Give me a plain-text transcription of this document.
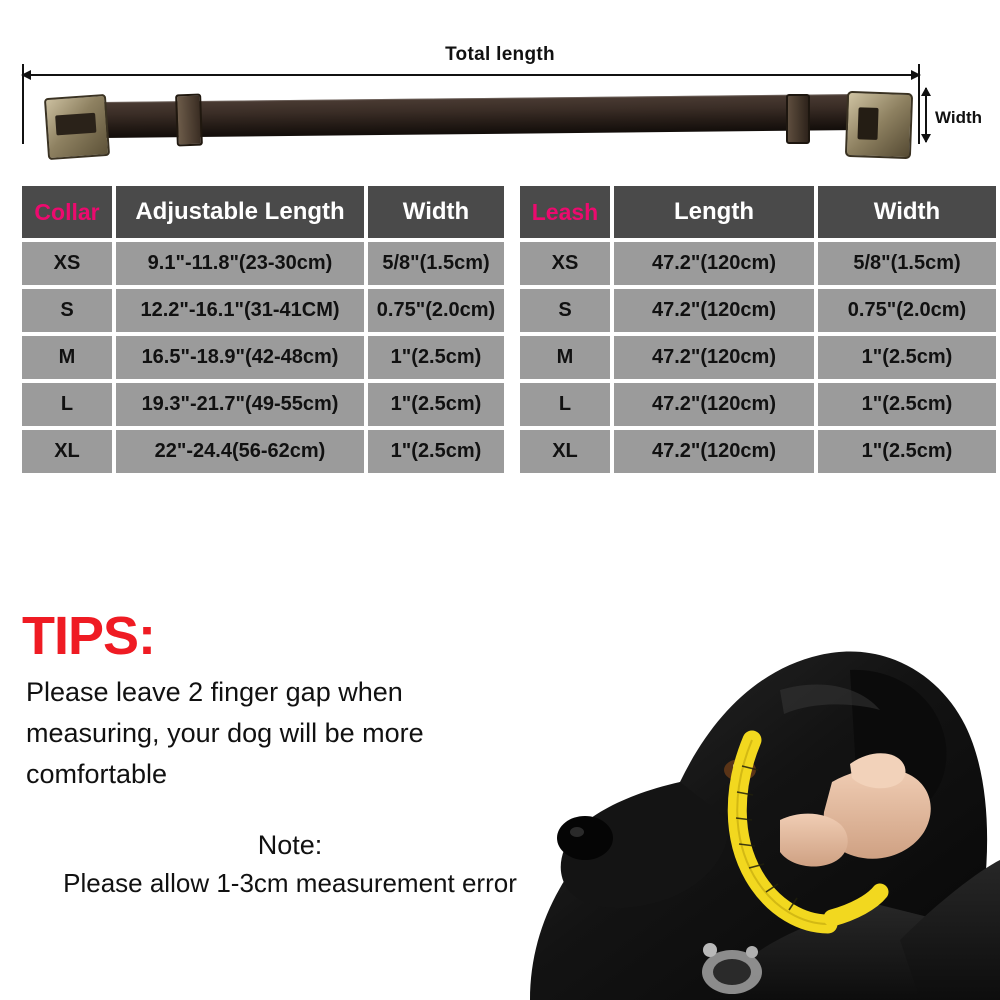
Total length
Width
Collar	Adjustable Length	Width
XS	9.1"-11.8"(23-30cm)	5/8"(1.5cm)
S	12.2"-16.1"(31-41CM)	0.75"(2.0cm)
M	16.5"-18.9"(42-48cm)	1"(2.5cm)
L	19.3"-21.7"(49-55cm)	1"(2.5cm)
XL	22"-24.4(56-62cm)	1"(2.5cm)
Leash	Length	Width
XS	47.2"(120cm)	5/8"(1.5cm)
S	47.2"(120cm)	0.75"(2.0cm)
M	47.2"(120cm)	1"(2.5cm)
L	47.2"(120cm)	1"(2.5cm)
XL	47.2"(120cm)	1"(2.5cm)
TIPS:
Please leave 2 finger gap when measuring, your dog will be more comfortable
Note:
Please allow 1-3cm measurement error
